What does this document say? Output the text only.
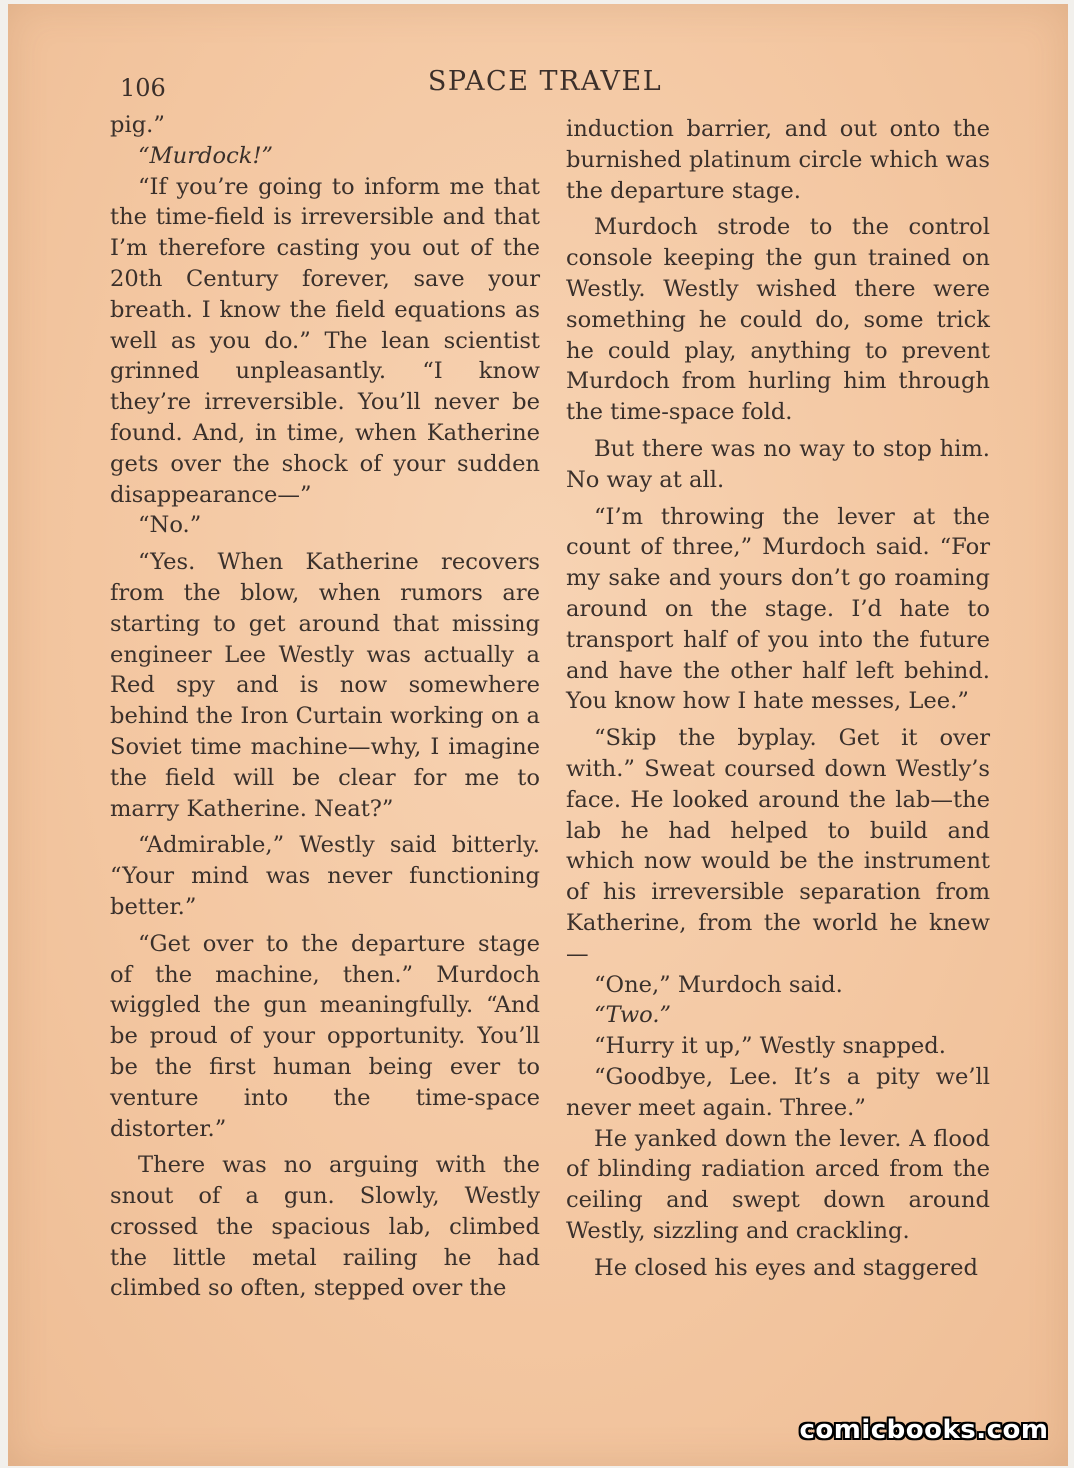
106	SPACE TRAVEL

pig.”

“Murdock!”

“If you’re going to inform me that the time-field is irreversible and that I’m therefore casting you out of the 20th Century forever, save your breath. I know the field equations as well as you do.” The lean scientist grinned unpleasantly. “I know they’re irreversible. You’ll never be found. And, in time, when Katherine gets over the shock of your sudden disappearance—”

“No.”

“Yes. When Katherine recovers from the blow, when rumors are starting to get around that missing engineer Lee Westly was actually a Red spy and is now somewhere behind the Iron Curtain working on a Soviet time machine—why, I imagine the field will be clear for me to marry Katherine. Neat?”

“Admirable,” Westly said bitterly. “Your mind was never functioning better.”

“Get over to the departure stage of the machine, then.” Murdoch wiggled the gun meaningfully. “And be proud of your opportunity. You’ll be the first human being ever to venture into the time-space distorter.”

There was no arguing with the snout of a gun. Slowly, Westly crossed the spacious lab, climbed the little metal railing he had climbed so often, stepped over the

induction barrier, and out onto the burnished platinum circle which was the departure stage.

Murdoch strode to the control console keeping the gun trained on Westly. Westly wished there were something he could do, some trick he could play, anything to prevent Murdoch from hurling him through the time-space fold.

But there was no way to stop him. No way at all.

“I’m throwing the lever at the count of three,” Murdoch said. “For my sake and yours don’t go roaming around on the stage. I’d hate to transport half of you into the future and have the other half left behind. You know how I hate messes, Lee.”

“Skip the byplay. Get it over with.” Sweat coursed down Westly’s face. He looked around the lab—the lab he had helped to build and which now would be the instrument of his irreversible separation from Katherine, from the world he knew—

“One,” Murdoch said.

“Two.”

“Hurry it up,” Westly snapped.

“Goodbye, Lee. It’s a pity we’ll never meet again. Three.”

He yanked down the lever. A flood of blinding radiation arced from the ceiling and swept down around Westly, sizzling and crackling.

He closed his eyes and staggered

comicbooks.com
